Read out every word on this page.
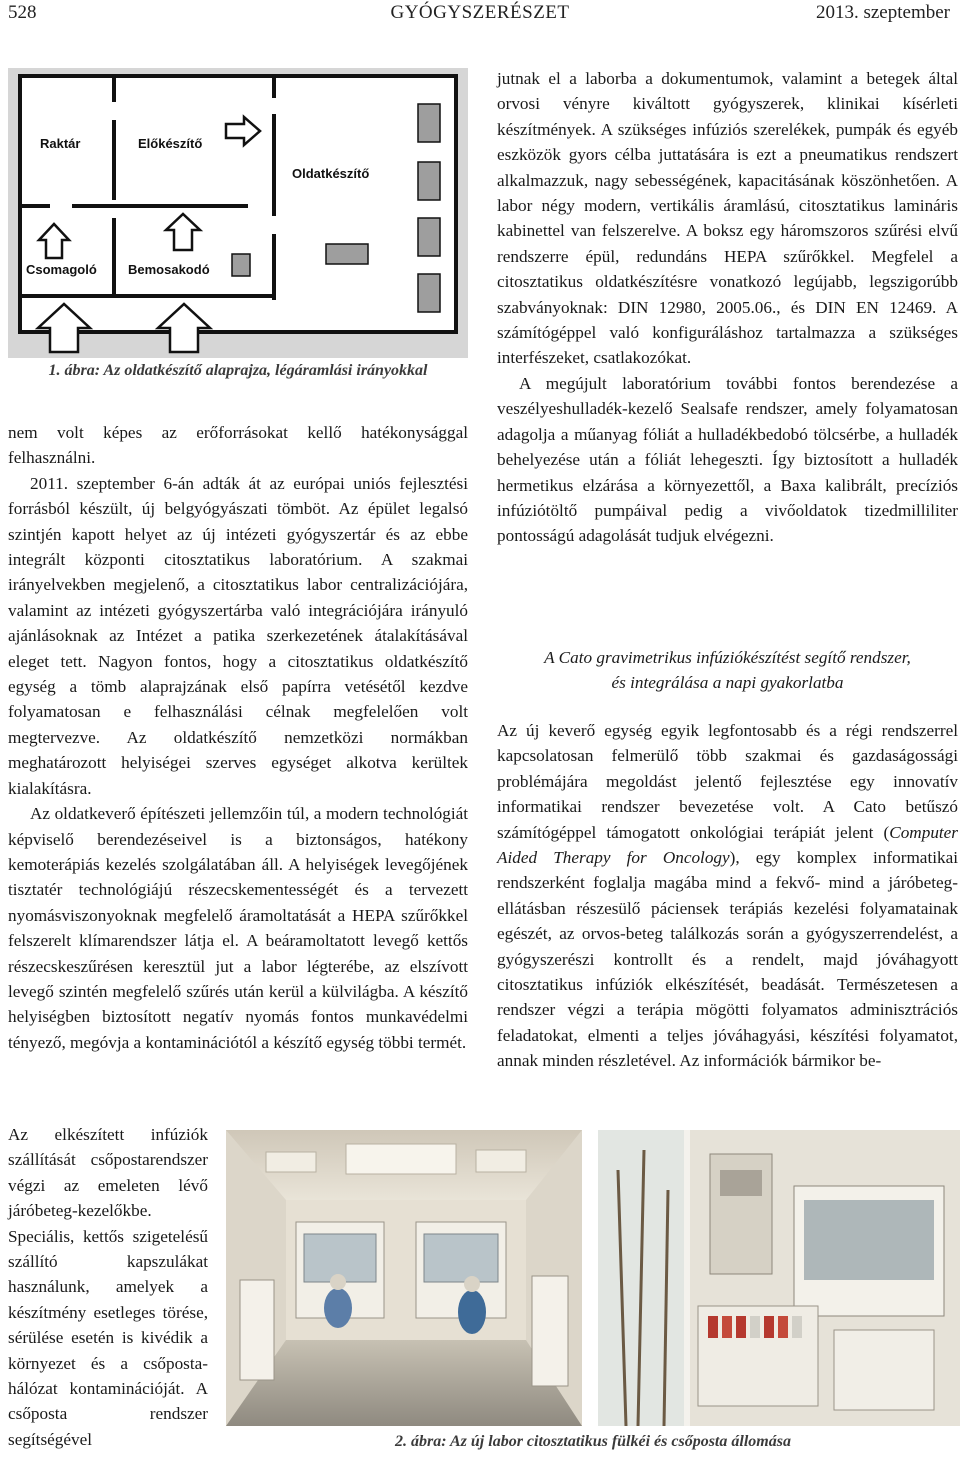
GYÓGYSZERÉSZET
528	2013. szeptember
Raktár	Előkészítő
Oldatkészítő
Csomagoló Bemosakodó
1. ábra: Az oldatkészítő alaprajza, légáramlási irányokkal

nem volt képes az erőforrásokat kellő hatékonysággal felhasználni.

2011. szeptember 6-án adták át az európai uniós fejlesztési forrásból készült, új belgyógyászati tömböt. Az épület legalsó szintjén kapott helyet az új intézeti gyógyszertár és az ebbe integrált központi citosztatikus laboratórium. A szakmai irányelvekben megjelenő, a citosztatikus labor centralizációjára, valamint az intézeti gyógyszertárba való integrációjára irányuló ajánlásoknak az Intézet a patika szerkezetének átalakításával eleget tett. Nagyon fontos, hogy a citosztatikus oldatkészítő egység a tömb alaprajzának első papírra vetésétől kezdve folyamatosan e felhasználási célnak megfelelően volt megtervezve. Az oldatkészítő nemzetközi normákban meghatározott helyiségei szerves egységet alkotva kerültek kialakításra.

Az oldatkeverő építészeti jellemzőin túl, a modern technológiát képviselő berendezéseivel is a biztonságos, hatékony kemoterápiás kezelés szolgálatában áll. A helyiségek levegőjének tisztatér technológiájú részecskementességét és a tervezett nyomásviszonyoknak megfelelő áramoltatását a HEPA szűrőkkel felszerelt klímarendszer látja el. A beáramoltatott levegő kettős részecskeszűrésen keresztül jut a labor légterébe, az elszívott levegő szintén megfelelő szűrés után kerül a külvilágba. A készítő helyiségben biztosított negatív nyomás fontos munkavédelmi tényező, megóvja a kontaminációtól a készítő egység többi termét.

Az elkészített infúziók szállítását csőpostarendszer végzi az emeleten lévő járóbeteg-kezelőkbe. Speciális, kettős szigetelésű szállító kapszulákat használunk, amelyek a készítmény esetleges törése, sérülése esetén is kivédik a környezet és a csőposta-hálózat kontaminációját. A csőposta rendszer segítségével

jutnak el a laborba a dokumentumok, valamint a betegek által orvosi vényre kiváltott gyógyszerek, klinikai kísérleti készítmények. A szükséges infúziós szerelékek, pumpák és egyéb eszközök gyors célba juttatására is ezt a pneumatikus rendszert alkalmazzuk, nagy sebességének, kapacitásának köszönhetően. A labor négy modern, vertikális áramlású, citosztatikus lamináris kabinettel van felszerelve. A boksz egy háromszoros szűrési elvű rendszerre épül, redundáns HEPA szűrőkkel. Megfelel a citosztatikus oldatkészítésre vonatkozó legújabb, legszigorúbb szabványoknak: DIN 12980, 2005.06., és DIN EN 12469. A számítógéppel való konfiguráláshoz tartalmazza a szükséges interfészeket, csatlakozókat.

A megújult laboratórium további fontos berendezése a veszélyeshulladék-kezelő Sealsafe rendszer, amely folyamatosan adagolja a műanyag fóliát a hulladékbedobó tölcsérbe, a hulladék behelyezése után a fóliát lehegeszti. Így biztosított a hulladék hermetikus elzárása a környezettől, a Baxa kalibrált, precíziós infúziótöltő pumpáival pedig a vivőoldatok tizedmilliliter pontosságú adagolását tudjuk elvégezni.

A Cato gravimetrikus infúziókészítést segítő rendszer,
és integrálása a napi gyakorlatba

Az új keverő egység egyik legfontosabb és a régi rendszerrel kapcsolatosan felmerülő több szakmai és gazdaságossági problémájára megoldást jelentő fejlesztése egy innovatív informatikai rendszer bevezetése volt. A Cato betűszó számítógéppel támogatott onkológiai terápiát jelent (Computer Aided Therapy for Oncology), egy komplex informatikai rendszerként foglalja magába mind a fekvő- mind a járóbeteg-ellátásban részesülő páciensek terápiás kezelési folyamatainak egészét, az orvos-beteg találkozás során a gyógyszerrendelést, a gyógyszerészi kontrollt és a rendelt, majd jóváhagyott citosztatikus infúziók elkészítését, beadását. Természetesen a rendszer végzi a terápia mögötti folyamatos adminisztrációs feladatokat, elmenti a teljes jóváhagyási, készítési folyamatot, annak minden részletével. Az információk bármikor be-

2. ábra: Az új labor citosztatikus fülkéi és csőposta állomása
